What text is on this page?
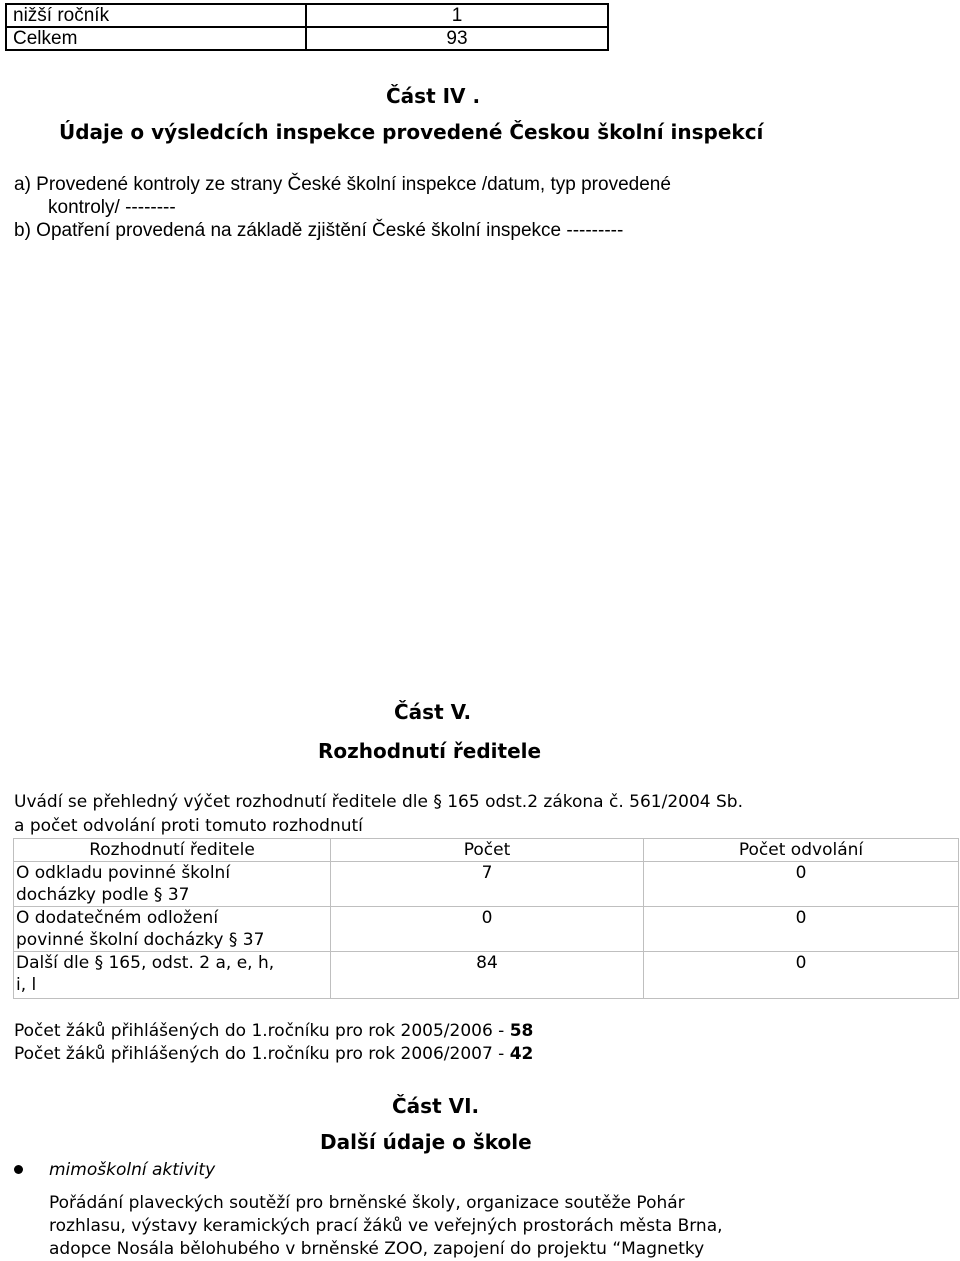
nižší ročník	1
Celkem	93
Část IV .
Údaje o výsledcích inspekce provedené Českou školní inspekcí
a) Provedené kontroly ze strany České školní inspekce /datum, typ provedené
kontroly/ --------
b) Opatření provedená na základě zjištění České školní inspekce ---------
Část V.
Rozhodnutí ředitele
Uvádí se přehledný výčet rozhodnutí ředitele dle § 165 odst.2 zákona č. 561/2004 Sb.
a počet odvolání proti tomuto rozhodnutí
Rozhodnutí ředitele	Počet	Počet odvolání

O odkladu povinné školní
docházky podle § 37	7	0

O dodatečném odložení
povinné školní docházky § 37	0	0

Další dle § 165, odst. 2 a, e, h,
i, l	84	0
Počet žáků přihlášených do 1.ročníku pro rok 2005/2006 - 58
Počet žáků přihlášených do 1.ročníku pro rok 2006/2007 - 42
Část VI.
Další údaje o škole
mimoškolní aktivity
Pořádání plaveckých soutěží pro brněnské školy, organizace soutěže Pohár
rozhlasu, výstavy keramických prací žáků ve veřejných prostorách města Brna,
adopce Nosála bělohubého v brněnské ZOO, zapojení do projektu “Magnetky
